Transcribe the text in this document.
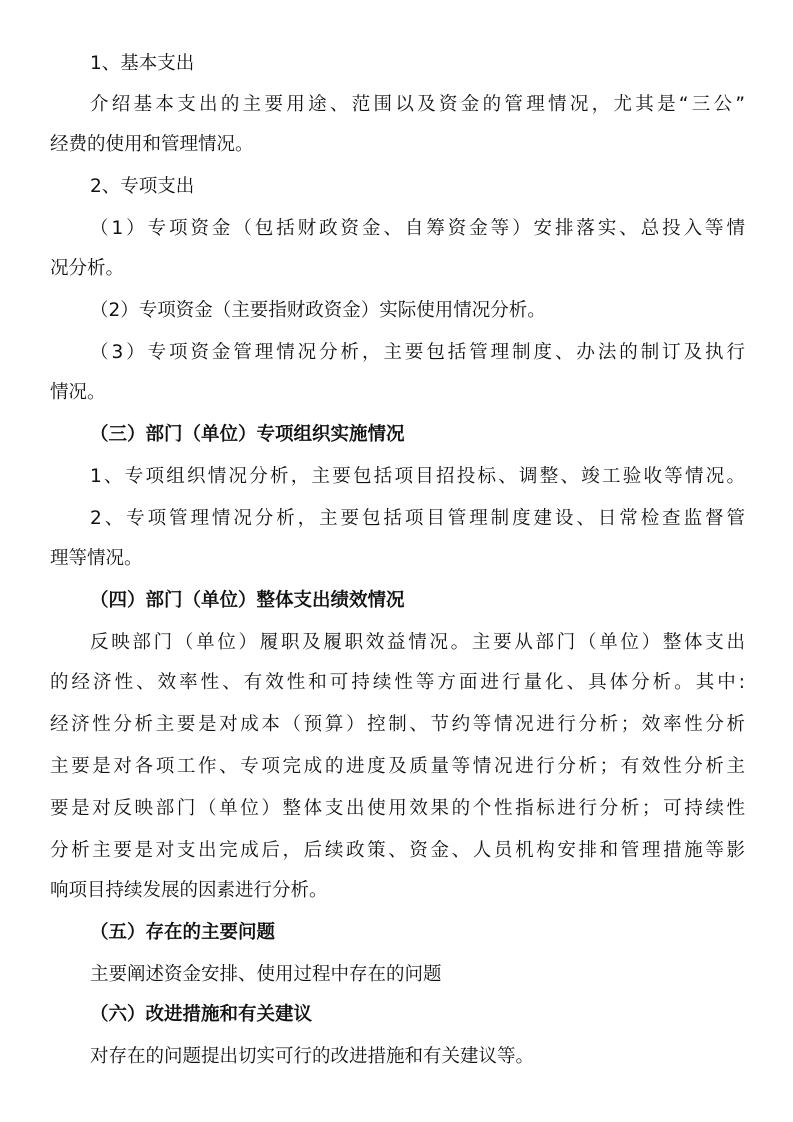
1、基本支出
介绍基本支出的主要用途、范围以及资金的管理情况，尤其是“三公”
经费的使用和管理情况。
2、专项支出
（1）专项资金（包括财政资金、自筹资金等）安排落实、总投入等情
况分析。
（2）专项资金（主要指财政资金）实际使用情况分析。
（3）专项资金管理情况分析，主要包括管理制度、办法的制订及执行
情况。
（三）部门（单位）专项组织实施情况
1、专项组织情况分析，主要包括项目招投标、调整、竣工验收等情况。
2、专项管理情况分析，主要包括项目管理制度建设、日常检查监督管
理等情况。
（四）部门（单位）整体支出绩效情况
反映部门（单位）履职及履职效益情况。主要从部门（单位）整体支出
的经济性、效率性、有效性和可持续性等方面进行量化、具体分析。其中:
经济性分析主要是对成本（预算）控制、节约等情况进行分析；效率性分析
主要是对各项工作、专项完成的进度及质量等情况进行分析；有效性分析主
要是对反映部门（单位）整体支出使用效果的个性指标进行分析；可持续性
分析主要是对支出完成后，后续政策、资金、人员机构安排和管理措施等影
响项目持续发展的因素进行分析。
（五）存在的主要问题
主要阐述资金安排、使用过程中存在的问题
（六）改进措施和有关建议
对存在的问题提出切实可行的改进措施和有关建议等。
